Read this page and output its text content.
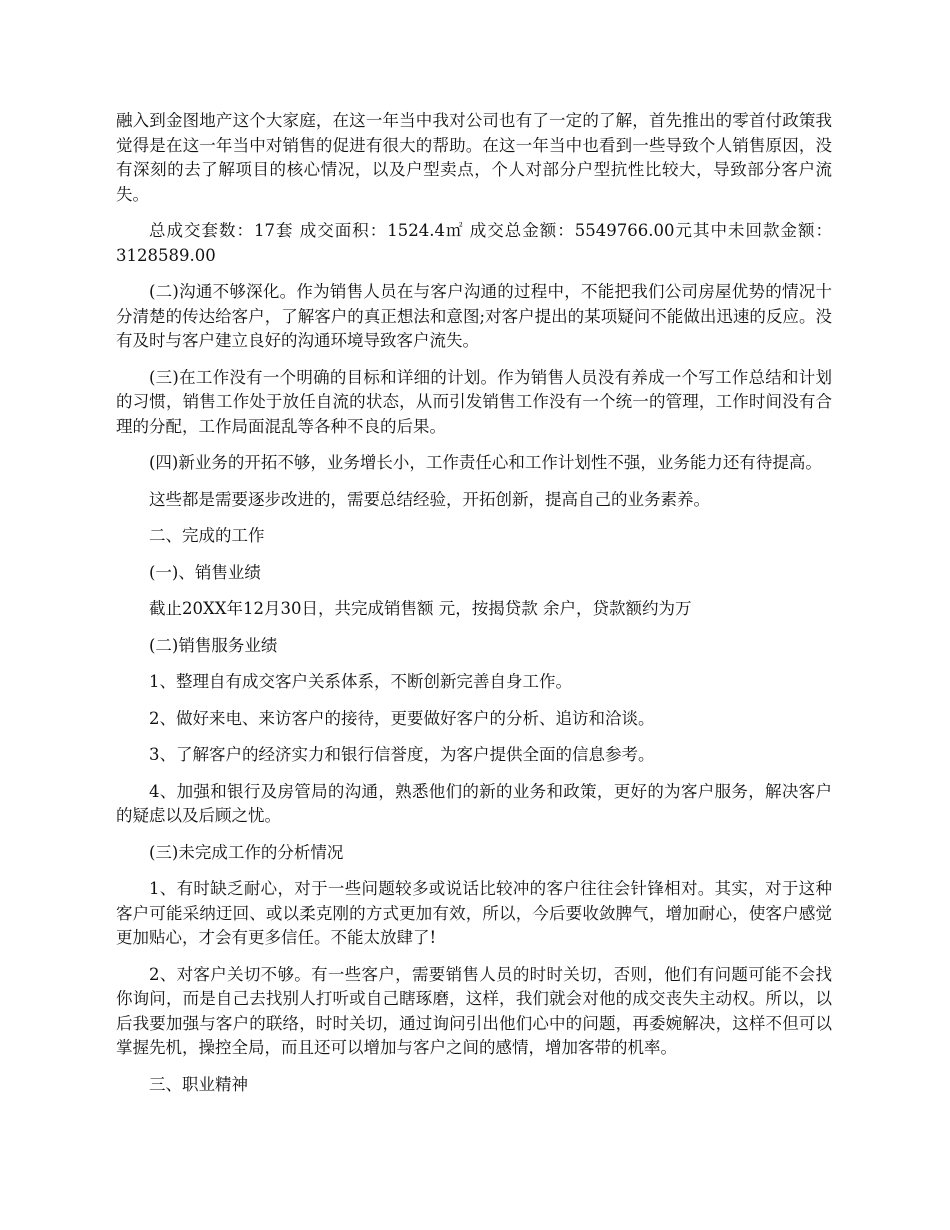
融入到金图地产这个大家庭，在这一年当中我对公司也有了一定的了解，首先推出的零首付政策我觉得是在这一年当中对销售的促进有很大的帮助。在这一年当中也看到一些导致个人销售原因，没有深刻的去了解项目的核心情况，以及户型卖点，个人对部分户型抗性比较大，导致部分客户流失。

总成交套数：17套 成交面积：1524.4㎡ 成交总金额：5549766.00元其中未回款金额：3128589.00

(二)沟通不够深化。作为销售人员在与客户沟通的过程中，不能把我们公司房屋优势的情况十分清楚的传达给客户，了解客户的真正想法和意图;对客户提出的某项疑问不能做出迅速的反应。没有及时与客户建立良好的沟通环境导致客户流失。

(三)在工作没有一个明确的目标和详细的计划。作为销售人员没有养成一个写工作总结和计划的习惯，销售工作处于放任自流的状态，从而引发销售工作没有一个统一的管理，工作时间没有合理的分配，工作局面混乱等各种不良的后果。

(四)新业务的开拓不够，业务增长小，工作责任心和工作计划性不强，业务能力还有待提高。

这些都是需要逐步改进的，需要总结经验，开拓创新，提高自己的业务素养。

二、完成的工作

(一)、销售业绩

截止20XX年12月30日，共完成销售额 元，按揭贷款 余户，贷款额约为万

(二)销售服务业绩

1、整理自有成交客户关系体系，不断创新完善自身工作。

2、做好来电、来访客户的接待，更要做好客户的分析、追访和洽谈。

3、了解客户的经济实力和银行信誉度，为客户提供全面的信息参考。

4、加强和银行及房管局的沟通，熟悉他们的新的业务和政策，更好的为客户服务，解决客户的疑虑以及后顾之忧。

(三)未完成工作的分析情况

1、有时缺乏耐心，对于一些问题较多或说话比较冲的客户往往会针锋相对。其实，对于这种客户可能采纳迂回、或以柔克刚的方式更加有效，所以，今后要收敛脾气，增加耐心，使客户感觉更加贴心，才会有更多信任。不能太放肆了!

2、对客户关切不够。有一些客户，需要销售人员的时时关切，否则，他们有问题可能不会找你询问，而是自己去找别人打听或自己瞎琢磨，这样，我们就会对他的成交丧失主动权。所以，以后我要加强与客户的联络，时时关切，通过询问引出他们心中的问题，再委婉解决，这样不但可以掌握先机，操控全局，而且还可以增加与客户之间的感情，增加客带的机率。

三、职业精神
